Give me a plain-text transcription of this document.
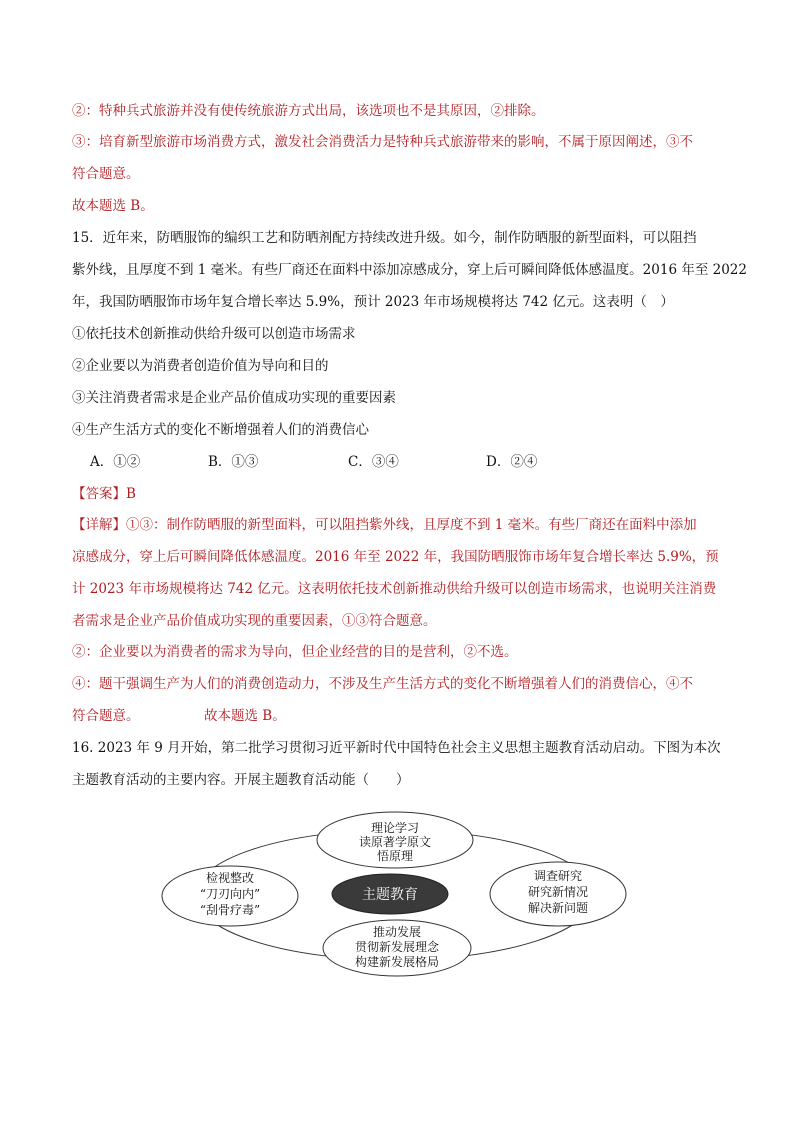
②：特种兵式旅游并没有使传统旅游方式出局，该选项也不是其原因，②排除。
③：培育新型旅游市场消费方式，激发社会消费活力是特种兵式旅游带来的影响，不属于原因阐述，③不
符合题意。
故本题选 B。
15．近年来，防晒服饰的编织工艺和防晒剂配方持续改进升级。如今，制作防晒服的新型面料，可以阻挡
紫外线，且厚度不到 1 毫米。有些厂商还在面料中添加凉感成分，穿上后可瞬间降低体感温度。2016 年至 2022
年，我国防晒服饰市场年复合增长率达 5.9%，预计 2023 年市场规模将达 742 亿元。这表明（　）
①依托技术创新推动供给升级可以创造市场需求
②企业要以为消费者创造价值为导向和目的
③关注消费者需求是企业产品价值成功实现的重要因素
④生产生活方式的变化不断增强着人们的消费信心
A．①②	B．①③	C．③④	D．②④
【答案】B
【详解】①③：制作防晒服的新型面料，可以阻挡紫外线，且厚度不到 1 毫米。有些厂商还在面料中添加
凉感成分，穿上后可瞬间降低体感温度。2016 年至 2022 年，我国防晒服饰市场年复合增长率达 5.9%，预
计 2023 年市场规模将达 742 亿元。这表明依托技术创新推动供给升级可以创造市场需求，也说明关注消费
者需求是企业产品价值成功实现的重要因素，①③符合题意。
②：企业要以为消费者的需求为导向，但企业经营的目的是营利，②不选。
④：题干强调生产为人们的消费创造动力，不涉及生产生活方式的变化不断增强着人们的消费信心，④不
符合题意。	故本题选 B。
16. 2023 年 9 月开始，第二批学习贯彻习近平新时代中国特色社会主义思想主题教育活动启动。下图为本次
主题教育活动的主要内容。开展主题教育活动能（　　）
理论学习
读原著学原文
悟原理
检视整改
“刀刃向内”
“刮骨疗毒”
调查研究
研究新情况
解决新问题
推动发展
贯彻新发展理念
构建新发展格局
主题教育
